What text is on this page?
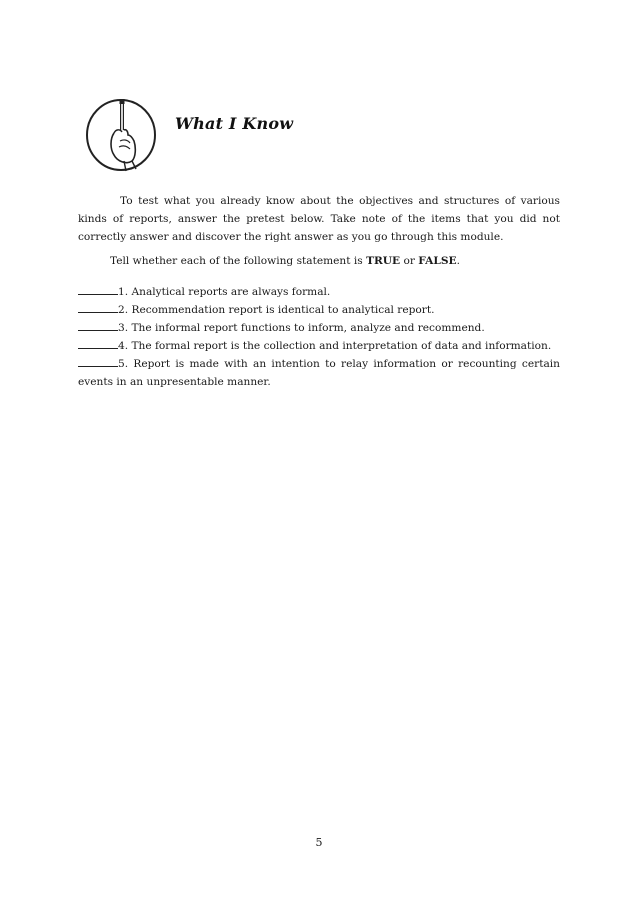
What I Know

To test what you already know about the objectives and structures of various kinds of reports, answer the pretest below. Take note of the items that you did not correctly answer and discover the right answer as you go through this module.

Tell whether each of the following statement is TRUE or FALSE.

1. Analytical reports are always formal.
2. Recommendation report is identical to analytical report.
3. The informal report functions to inform, analyze and recommend.
4. The formal report is the collection and interpretation of data and information.
5. Report is made with an intention to relay information or recounting certain events in an unpresentable manner.
5
